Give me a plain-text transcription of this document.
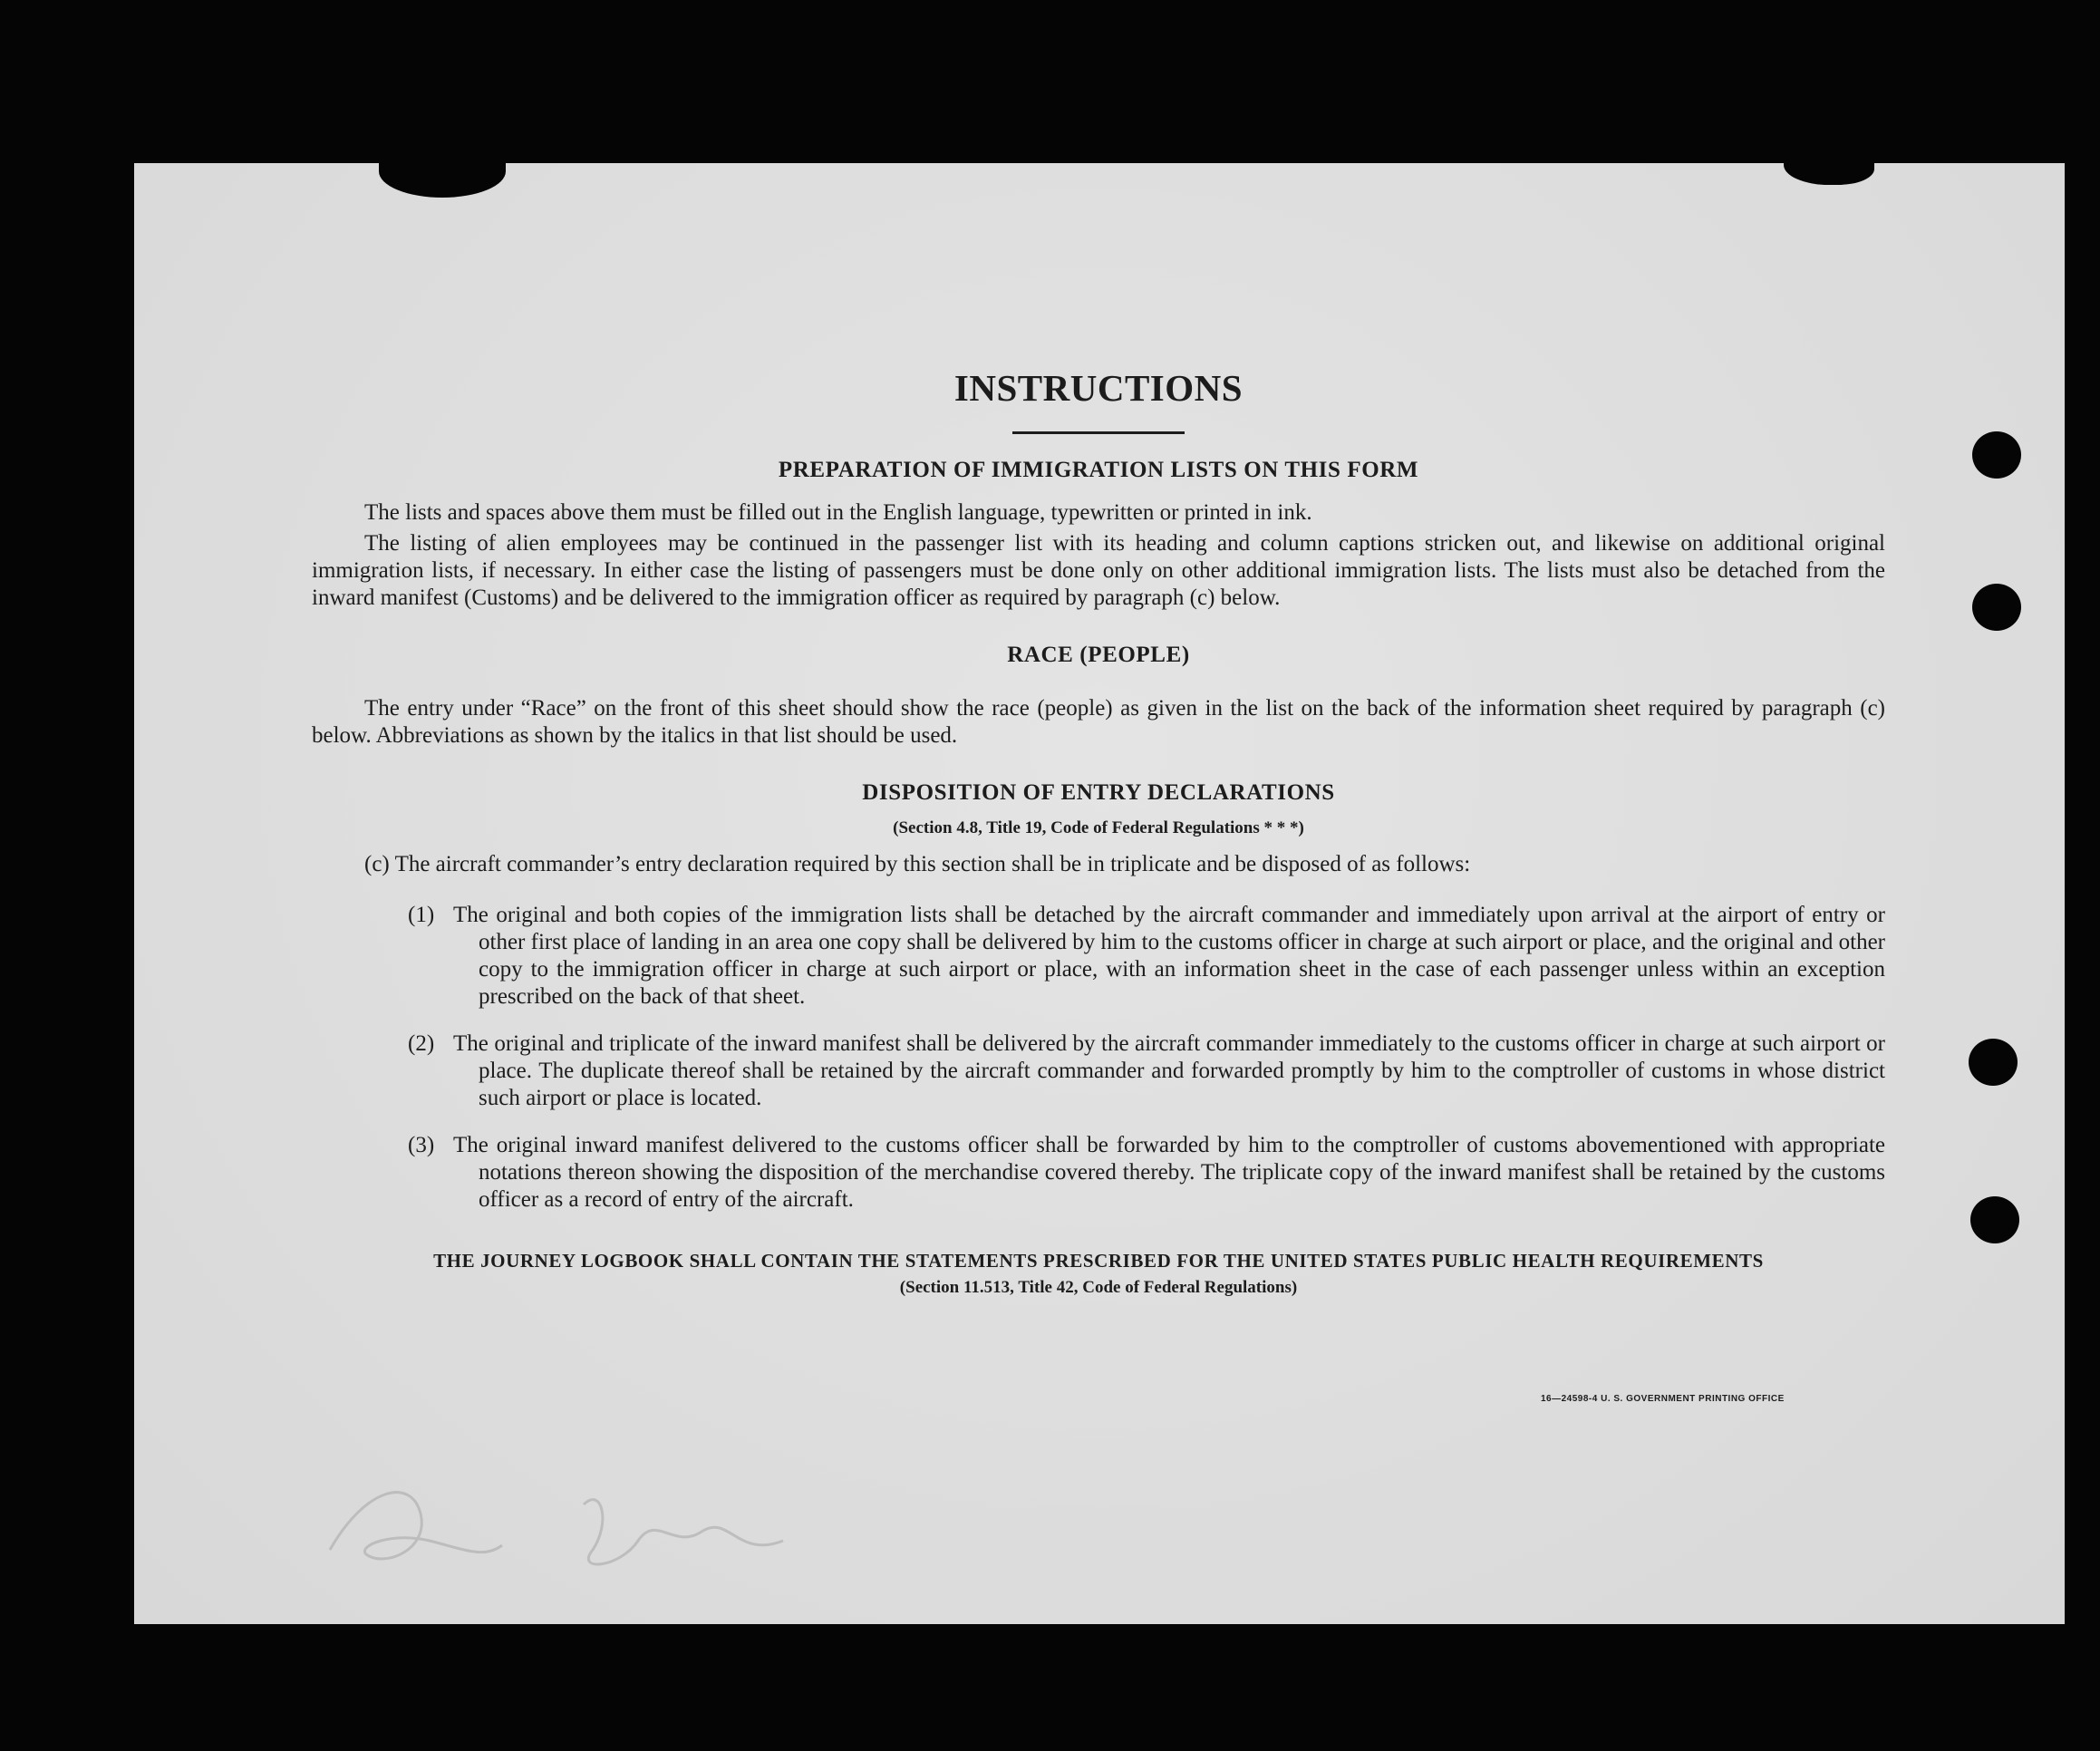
INSTRUCTIONS
PREPARATION OF IMMIGRATION LISTS ON THIS FORM

The lists and spaces above them must be filled out in the English language, typewritten or printed in ink.

The listing of alien employees may be continued in the passenger list with its heading and column captions stricken out, and likewise on additional original immigration lists, if necessary. In either case the listing of passengers must be done only on other additional immigration lists. The lists must also be detached from the inward manifest (Customs) and be delivered to the immigration officer as required by paragraph (c) below.

RACE (PEOPLE)

The entry under “Race” on the front of this sheet should show the race (people) as given in the list on the back of the information sheet required by paragraph (c) below. Abbreviations as shown by the italics in that list should be used.

DISPOSITION OF ENTRY DECLARATIONS
(Section 4.8, Title 19, Code of Federal Regulations * * *)
(c) The aircraft commander’s entry declaration required by this section shall be in triplicate and be disposed of as follows:
(1) The original and both copies of the immigration lists shall be detached by the aircraft commander and immediately upon arrival at the airport of entry or other first place of landing in an area one copy shall be delivered by him to the customs officer in charge at such airport or place, and the original and other copy to the immigration officer in charge at such airport or place, with an information sheet in the case of each passenger unless within an exception prescribed on the back of that sheet.
(2) The original and triplicate of the inward manifest shall be delivered by the aircraft commander immediately to the customs officer in charge at such airport or place. The duplicate thereof shall be retained by the aircraft commander and forwarded promptly by him to the comptroller of customs in whose district such airport or place is located.
(3) The original inward manifest delivered to the customs officer shall be forwarded by him to the comptroller of customs abovementioned with appropriate notations thereon showing the disposition of the merchandise covered thereby. The triplicate copy of the inward manifest shall be retained by the customs officer as a record of entry of the aircraft.
THE JOURNEY LOGBOOK SHALL CONTAIN THE STATEMENTS PRESCRIBED FOR THE UNITED STATES PUBLIC HEALTH REQUIREMENTS
(Section 11.513, Title 42, Code of Federal Regulations)
16—24598-4 U. S. GOVERNMENT PRINTING OFFICE
